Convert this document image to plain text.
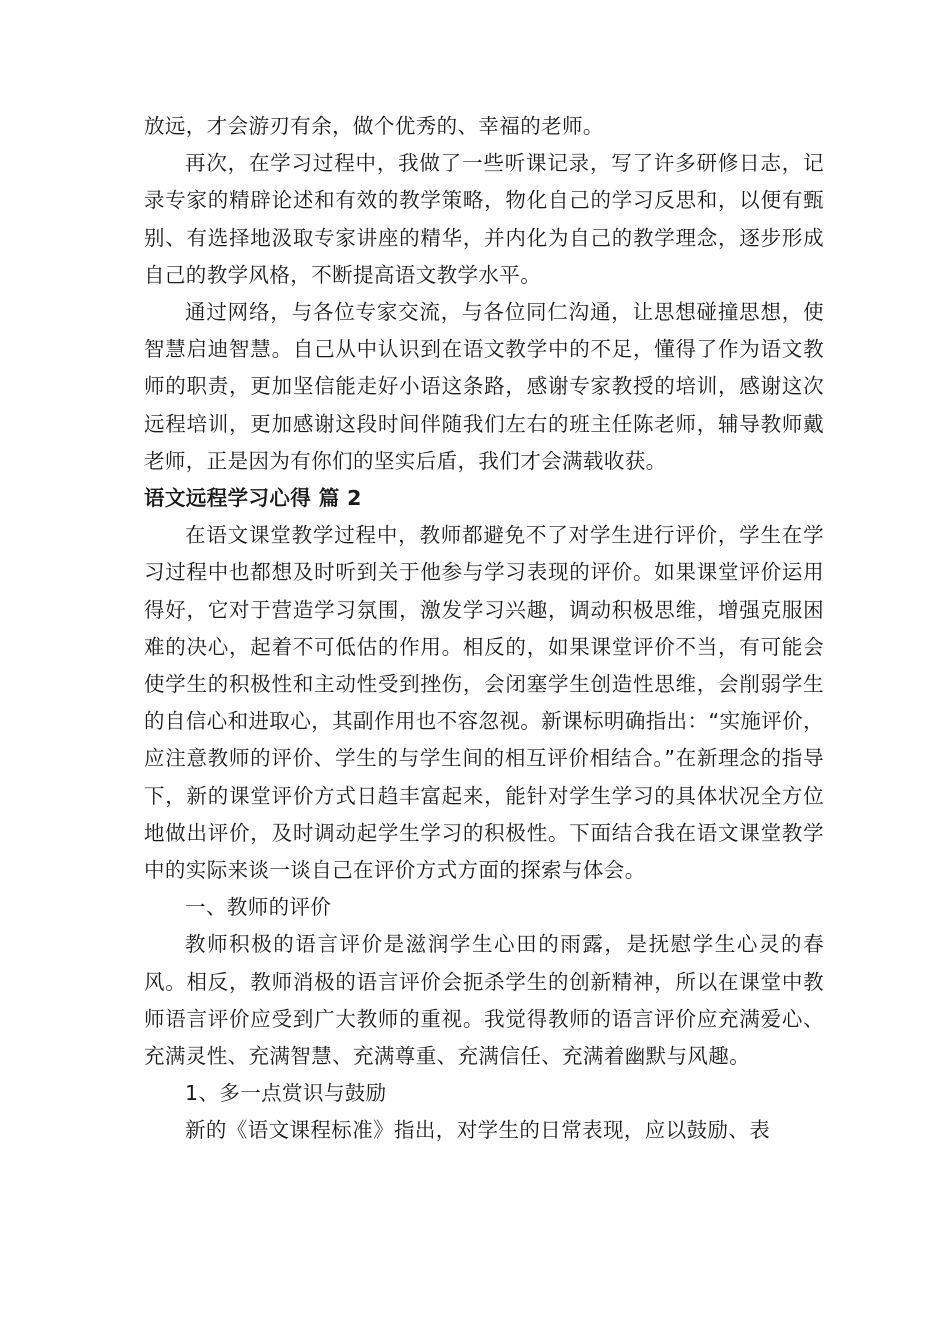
放远，才会游刃有余，做个优秀的、幸福的老师。

再次，在学习过程中，我做了一些听课记录，写了许多研修日志，记录专家的精辟论述和有效的教学策略，物化自己的学习反思和，以便有甄别、有选择地汲取专家讲座的精华，并内化为自己的教学理念，逐步形成自己的教学风格，不断提高语文教学水平。

通过网络，与各位专家交流，与各位同仁沟通，让思想碰撞思想，使智慧启迪智慧。自己从中认识到在语文教学中的不足，懂得了作为语文教师的职责，更加坚信能走好小语这条路，感谢专家教授的培训，感谢这次远程培训，更加感谢这段时间伴随我们左右的班主任陈老师，辅导教师戴老师，正是因为有你们的坚实后盾，我们才会满载收获。

语文远程学习心得 篇 2

在语文课堂教学过程中，教师都避免不了对学生进行评价，学生在学习过程中也都想及时听到关于他参与学习表现的评价。如果课堂评价运用得好，它对于营造学习氛围，激发学习兴趣，调动积极思维，增强克服困难的决心，起着不可低估的作用。相反的，如果课堂评价不当，有可能会使学生的积极性和主动性受到挫伤，会闭塞学生创造性思维，会削弱学生的自信心和进取心，其副作用也不容忽视。新课标明确指出：“实施评价，应注意教师的评价、学生的与学生间的相互评价相结合。”在新理念的指导下，新的课堂评价方式日趋丰富起来，能针对学生学习的具体状况全方位地做出评价，及时调动起学生学习的积极性。下面结合我在语文课堂教学中的实际来谈一谈自己在评价方式方面的探索与体会。

一、教师的评价

教师积极的语言评价是滋润学生心田的雨露，是抚慰学生心灵的春风。相反，教师消极的语言评价会扼杀学生的创新精神，所以在课堂中教师语言评价应受到广大教师的重视。我觉得教师的语言评价应充满爱心、充满灵性、充满智慧、充满尊重、充满信任、充满着幽默与风趣。

1、多一点赏识与鼓励

新的《语文课程标准》指出，对学生的日常表现，应以鼓励、表
